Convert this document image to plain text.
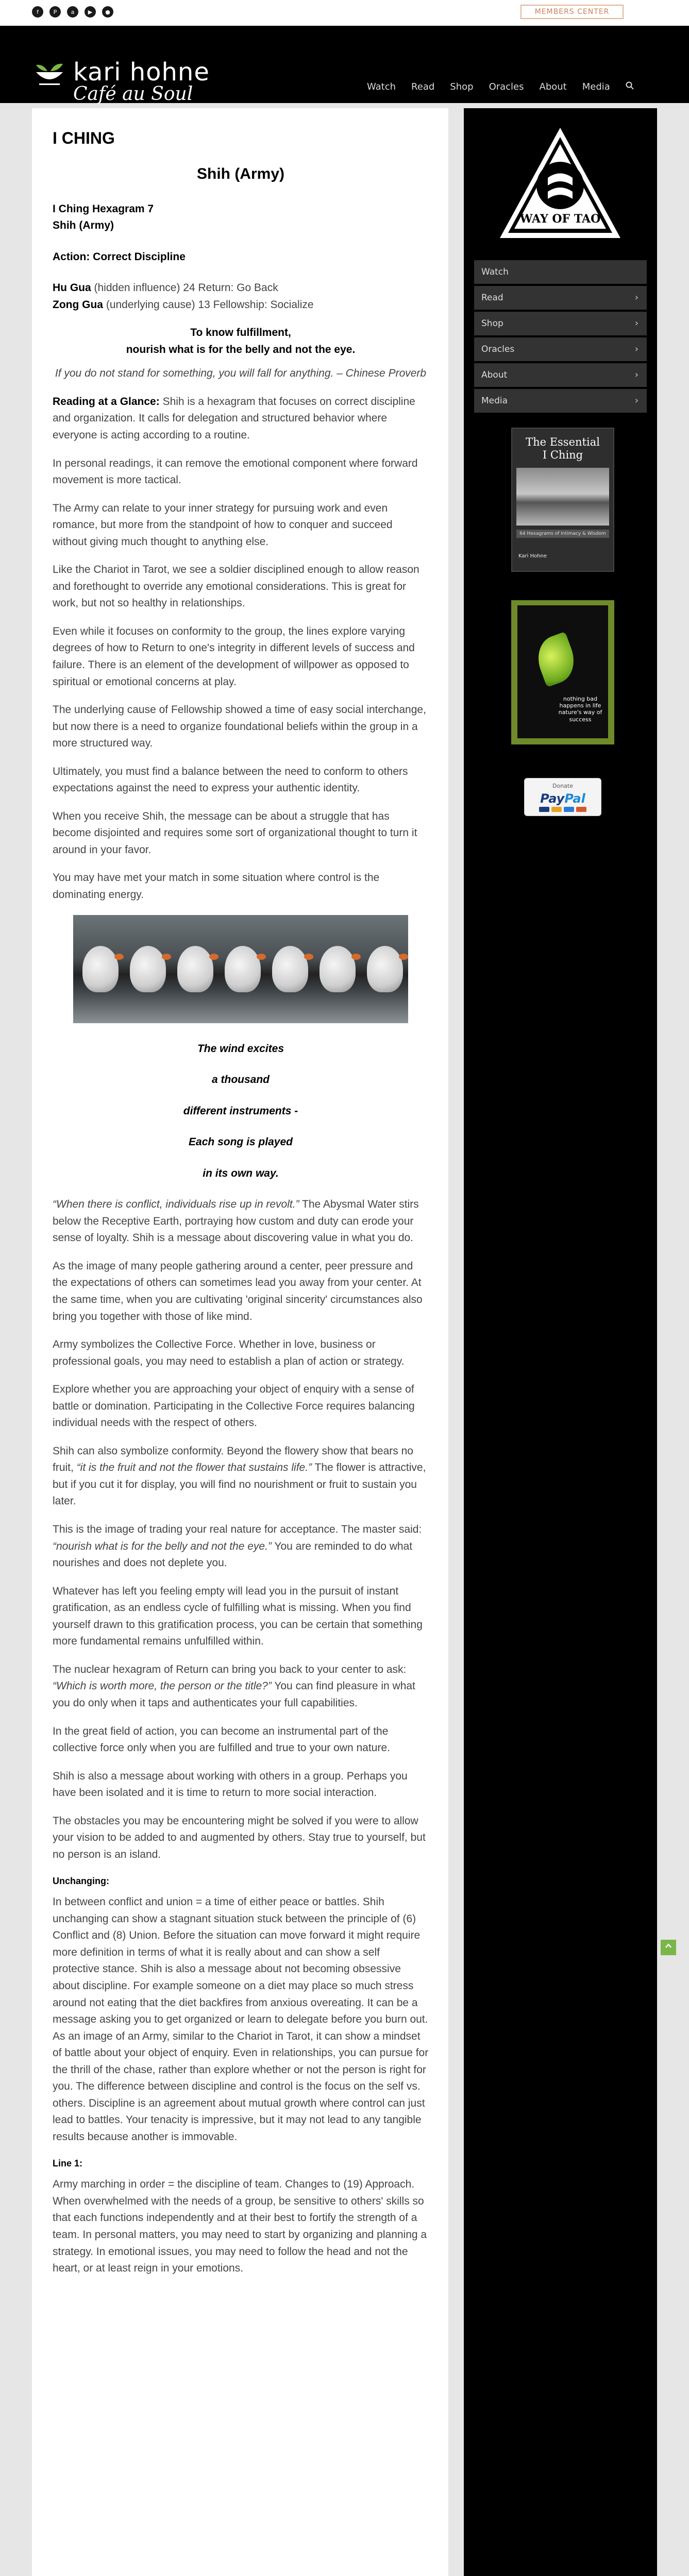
f	P	a	▶	●	MEMBERS CENTER
kari hohne
Café au Soul	Watch Read Shop Oracles About Media
I CHING

Shih (Army)

I Ching Hexagram 7

Shih (Army)

Action: Correct Discipline

Hu Gua (hidden influence) 24 Return: Go Back

Zong Gua (underlying cause) 13 Fellowship: Socialize

To know fulfillment,
nourish what is for the belly and not the eye.

If you do not stand for something, you will fall for anything. – Chinese Proverb

Reading at a Glance: Shih is a hexagram that focuses on correct discipline and organization. It calls for delegation and structured behavior where everyone is acting according to a routine.

In personal readings, it can remove the emotional component where forward movement is more tactical.

The Army can relate to your inner strategy for pursuing work and even romance, but more from the standpoint of how to conquer and succeed without giving much thought to anything else.

Like the Chariot in Tarot, we see a soldier disciplined enough to allow reason and forethought to override any emotional considerations. This is great for work, but not so healthy in relationships.

Even while it focuses on conformity to the group, the lines explore varying degrees of how to Return to one's integrity in different levels of success and failure. There is an element of the development of willpower as opposed to spiritual or emotional concerns at play.

The underlying cause of Fellowship showed a time of easy social interchange, but now there is a need to organize foundational beliefs within the group in a more structured way.

Ultimately, you must find a balance between the need to conform to others expectations against the need to express your authentic identity.

When you receive Shih, the message can be about a struggle that has become disjointed and requires some sort of organizational thought to turn it around in your favor.

You may have met your match in some situation where control is the dominating energy.

The wind excites
a thousand
different instruments -
Each song is played
in its own way.

“When there is conflict, individuals rise up in revolt.” The Abysmal Water stirs below the Receptive Earth, portraying how custom and duty can erode your sense of loyalty. Shih is a message about discovering value in what you do.

As the image of many people gathering around a center, peer pressure and the expectations of others can sometimes lead you away from your center. At the same time, when you are cultivating 'original sincerity' circumstances also bring you together with those of like mind.

Army symbolizes the Collective Force. Whether in love, business or professional goals, you may need to establish a plan of action or strategy.

Explore whether you are approaching your object of enquiry with a sense of battle or domination. Participating in the Collective Force requires balancing individual needs with the respect of others.

Shih can also symbolize conformity. Beyond the flowery show that bears no fruit, “it is the fruit and not the flower that sustains life.” The flower is attractive, but if you cut it for display, you will find no nourishment or fruit to sustain you later.

This is the image of trading your real nature for acceptance. The master said: “nourish what is for the belly and not the eye.” You are reminded to do what nourishes and does not deplete you.

Whatever has left you feeling empty will lead you in the pursuit of instant gratification, as an endless cycle of fulfilling what is missing. When you find yourself drawn to this gratification process, you can be certain that something more fundamental remains unfulfilled within.

The nuclear hexagram of Return can bring you back to your center to ask: “Which is worth more, the person or the title?” You can find pleasure in what you do only when it taps and authenticates your full capabilities.

In the great field of action, you can become an instrumental part of the collective force only when you are fulfilled and true to your own nature.

Shih is also a message about working with others in a group. Perhaps you have been isolated and it is time to return to more social interaction.

The obstacles you may be encountering might be solved if you were to allow your vision to be added to and augmented by others. Stay true to yourself, but no person is an island.

Unchanging:

In between conflict and union = a time of either peace or battles. Shih unchanging can show a stagnant situation stuck between the principle of (6) Conflict and (8) Union. Before the situation can move forward it might require more definition in terms of what it is really about and can show a self protective stance. Shih is also a message about not becoming obsessive about discipline. For example someone on a diet may place so much stress around not eating that the diet backfires from anxious overeating. It can be a message asking you to get organized or learn to delegate before you burn out. As an image of an Army, similar to the Chariot in Tarot, it can show a mindset of battle about your object of enquiry. Even in relationships, you can pursue for the thrill of the chase, rather than explore whether or not the person is right for you. The difference between discipline and control is the focus on the self vs. others. Discipline is an agreement about mutual growth where control can just lead to battles. Your tenacity is impressive, but it may not lead to any tangible results because another is immovable.

Line 1:

Army marching in order = the discipline of team. Changes to (19) Approach. When overwhelmed with the needs of a group, be sensitive to others' skills so that each functions independently and at their best to fortify the strength of a team. In personal matters, you may need to start by organizing and planning a strategy. In emotional issues, you may need to follow the head and not the heart, or at least reign in your emotions.

WAY OF TAO
Watch
Read	›
Shop	›
Oracles	›
About	›
Media	›
The Essential
I Ching
64 Hexagrams of Intimacy & Wisdom
Kari Hohne
nothing bad
happens in life
nature's way of success
Donate
PayPal
